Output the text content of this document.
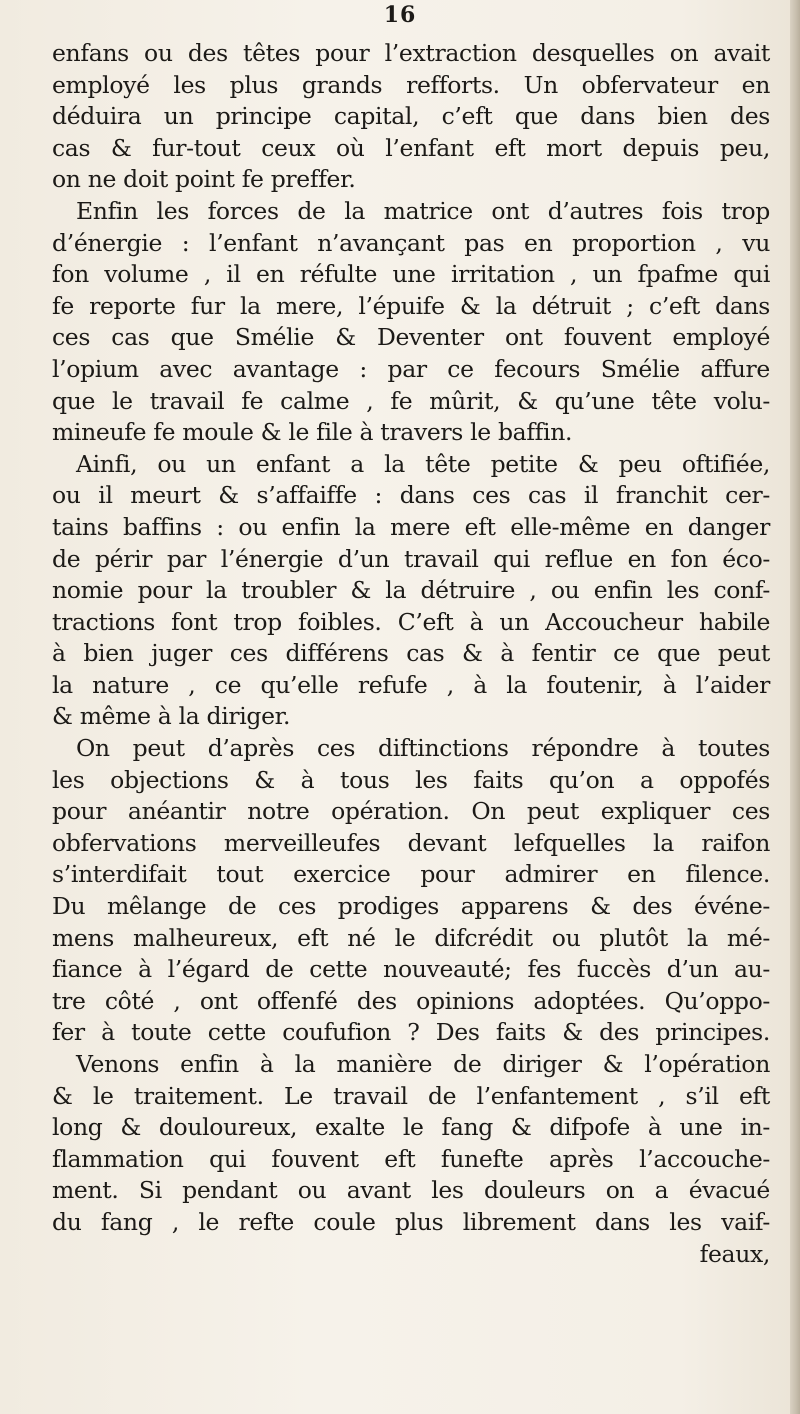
16
enfans ou des têtes pour l’extraction desquelles on avait
employé les plus grands refforts. Un obfervateur en
déduira un principe capital, c’eft que dans bien des
cas & fur-tout ceux où l’enfant eft mort depuis peu,
on ne doit point fe preffer.
Enfin les forces de la matrice ont d’autres fois trop
d’énergie : l’enfant n’avançant pas en proportion , vu
fon volume , il en réfulte une irritation , un fpafme qui
fe reporte fur la mere, l’épuife & la détruit ; c’eft dans
ces cas que Smélie & Deventer ont fouvent employé
l’opium avec avantage : par ce fecours Smélie affure
que le travail fe calme , fe mûrit, & qu’une tête volu-
mineufe fe moule & le file à travers le baffin.
Ainfi, ou un enfant a la tête petite & peu oftifiée,
ou il meurt & s’affaiffe : dans ces cas il franchit cer-
tains baffins : ou enfin la mere eft elle-même en danger
de périr par l’énergie d’un travail qui reflue en fon éco-
nomie pour la troubler & la détruire , ou enfin les conf-
tractions font trop foibles. C’eft à un Accoucheur habile
à bien juger ces différens cas & à fentir ce que peut
la nature , ce qu’elle refufe , à la foutenir, à l’aider
& même à la diriger.
On peut d’après ces diftinctions répondre à toutes
les objections & à tous les faits qu’on a oppofés
pour anéantir notre opération. On peut expliquer ces
obfervations merveilleufes devant lefquelles la raifon
s’interdifait tout exercice pour admirer en filence.
Du mêlange de ces prodiges apparens & des événe-
mens malheureux, eft né le difcrédit ou plutôt la mé-
fiance à l’égard de cette nouveauté; fes fuccès d’un au-
tre côté , ont offenfé des opinions adoptées. Qu’oppo-
fer à toute cette coufufion ? Des faits & des principes.
Venons enfin à la manière de diriger & l’opération
& le traitement. Le travail de l’enfantement , s’il eft
long & douloureux, exalte le fang & difpofe à une in-
flammation qui fouvent eft funefte après l’accouche-
ment. Si pendant ou avant les douleurs on a évacué
du fang , le refte coule plus librement dans les vaif-
feaux,
